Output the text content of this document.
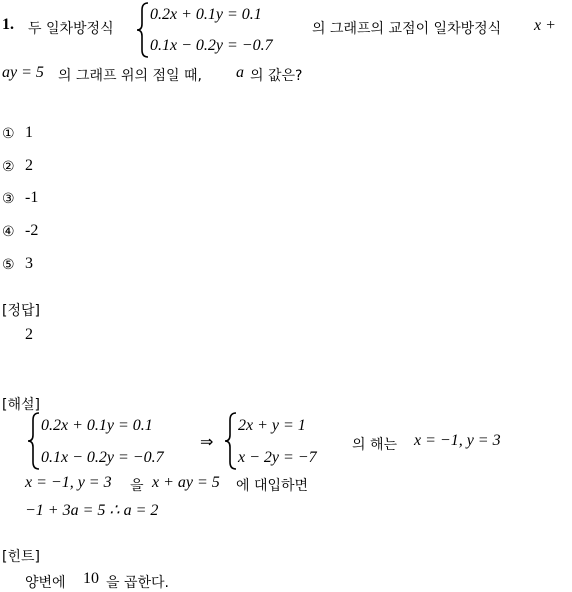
1. 두 일차방정식
0.2x + 0.1y = 0.1
0.1x − 0.2y = −0.7
의 그래프의 교점이 일차방정식 x +
ay = 5 의 그래프 위의 점일 때, a 의 값은?
① 1
② 2
③ -1
④ -2
⑤ 3
[정답]
2
[해설]
0.2x + 0.1y = 0.1
0.1x − 0.2y = −0.7
⇒
2x + y = 1
x − 2y = −7
의 해는 x = −1, y = 3
x = −1, y = 3 을 x + ay = 5 에 대입하면
−1 + 3a = 5 ∴ a = 2
[힌트]
양변에 10 을 곱한다.
